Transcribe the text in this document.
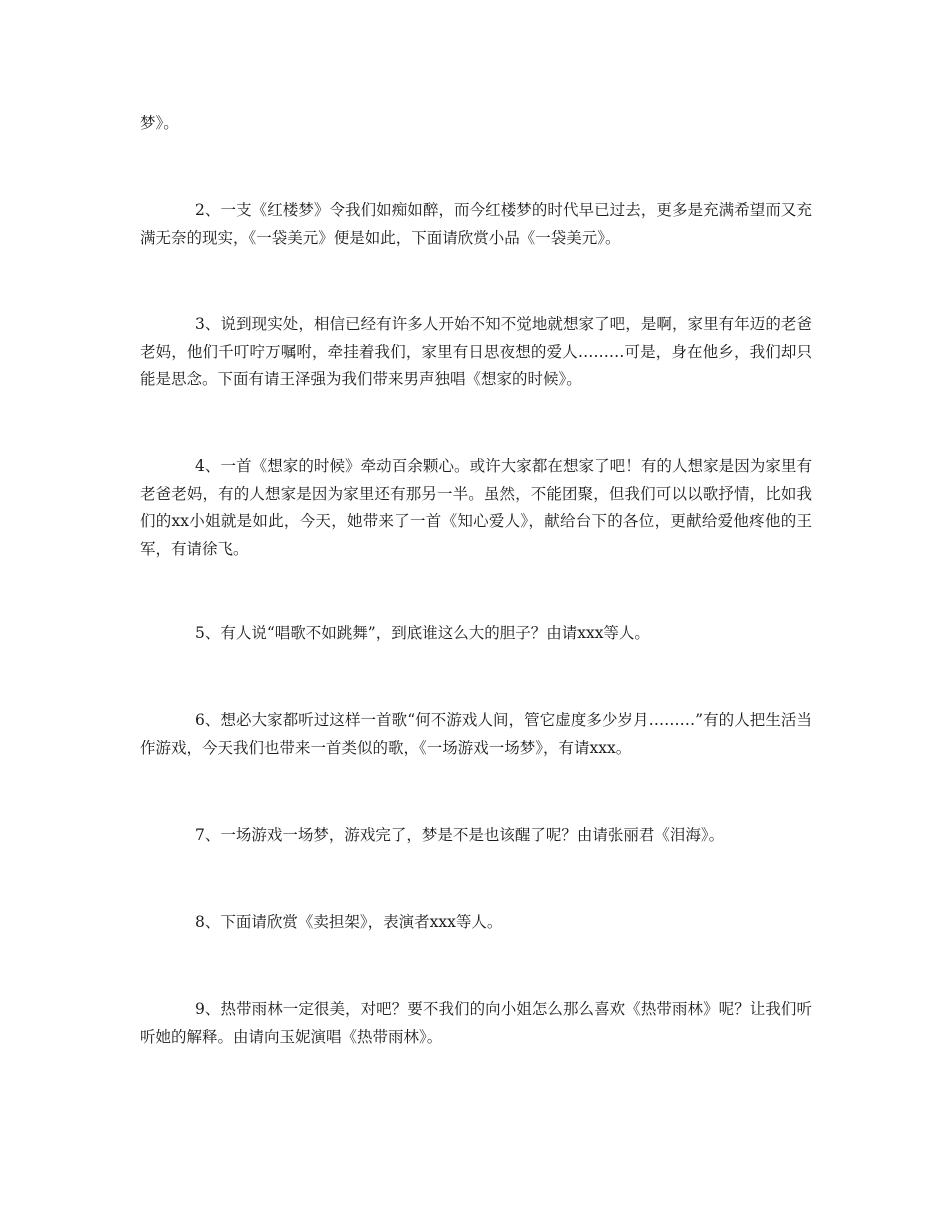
梦》。

2、一支《红楼梦》令我们如痴如醉，而今红楼梦的时代早已过去，更多是充满希望而又充满无奈的现实，《一袋美元》便是如此，下面请欣赏小品《一袋美元》。

3、说到现实处，相信已经有许多人开始不知不觉地就想家了吧，是啊，家里有年迈的老爸老妈，他们千叮咛万嘱咐，牵挂着我们，家里有日思夜想的爱人………可是，身在他乡，我们却只能是思念。下面有请王泽强为我们带来男声独唱《想家的时候》。

4、一首《想家的时候》牵动百余颗心。或许大家都在想家了吧！有的人想家是因为家里有老爸老妈，有的人想家是因为家里还有那另一半。虽然，不能团聚，但我们可以以歌抒情，比如我们的xx小姐就是如此，今天，她带来了一首《知心爱人》，献给台下的各位，更献给爱他疼他的王军，有请徐飞。

5、有人说“唱歌不如跳舞”，到底谁这么大的胆子？由请xxx等人。

6、想必大家都听过这样一首歌“何不游戏人间，管它虚度多少岁月………”有的人把生活当作游戏，今天我们也带来一首类似的歌，《一场游戏一场梦》，有请xxx。

7、一场游戏一场梦，游戏完了，梦是不是也该醒了呢？由请张丽君《泪海》。

8、下面请欣赏《卖担架》，表演者xxx等人。

9、热带雨林一定很美，对吧？要不我们的向小姐怎么那么喜欢《热带雨林》呢？让我们听听她的解释。由请向玉妮演唱《热带雨林》。
